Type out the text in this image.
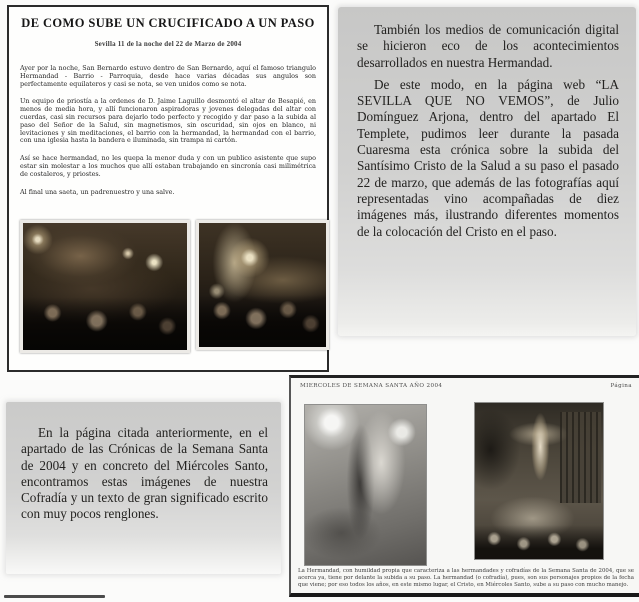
DE COMO SUBE UN CRUCIFICADO A UN PASO
Sevilla 11 de la noche del 22 de Marzo de 2004

Ayer por la noche, San Bernardo estuvo dentro de San Bernardo, aquí el famoso triangulo Hermandad - Barrio - Parroquia, desde hace varias décadas sus angulos son perfectamente equilateros y casi se nota, se ven unidos como se nota.

Un equipo de priostía a la ordenes de D. Jaime Laguillo desmontó el altar de Besapié, en menos de media hora, y allí funcionaron aspiradoras y jovenes delegadas del altar con cuerdas, casi sin recursos para dejarlo todo perfecto y recogido y dar paso a la subida al paso del Señor de la Salud, sin magnetismos, sin oscuridad, sin ojos en blanco, ni levitaciones y sin meditaciones, el barrio con la hermandad, la hermandad con el barrio, con una iglesia hasta la bandera e iluminada, sin trampa ni cartón.

Así se hace hermandad, no les quepa la menor duda y con un publico asistente que supo estar sin molestar a los muchos que allí estaban trabajando en sincronía casi milimétrica de costaleros, y priostes.

Al final una saeta, un padrenuestro y una salve.

También los medios de comunicación digital se hicieron eco de los acontecimientos desarrollados en nuestra Hermandad.

De este modo, en la página web “LA SEVILLA QUE NO VEMOS”, de Julio Domínguez Arjona, dentro del apartado El Templete, pudimos leer durante la pasada Cuaresma esta crónica sobre la subida del Santísimo Cristo de la Salud a su paso el pasado 22 de marzo, que además de las fotografías aquí representadas vino acompañadas de diez imágenes más, ilustrando diferentes momentos de la colocación del Cristo en el paso.

En la página citada anteriormente, en el apartado de las Crónicas de la Semana Santa de 2004 y en concreto del Miércoles Santo, encontramos estas imágenes de nuestra Cofradía y un texto de gran significado escrito con muy pocos renglones.

MIERCOLES DE SEMANA SANTA AÑO 2004	Página

La Hermandad, con humildad propia que caracteriza a las hermandades y cofradías de la Semana Santa de 2004, que se acerca ya, tiene por delante la subida a su paso. La hermandad (o cofradía), pues, son sus personajes propios de la fecha que viene; por eso todos los años, en este mismo lugar, el Cristo, en Miércoles Santo, sube a su paso con mucho manejo.
